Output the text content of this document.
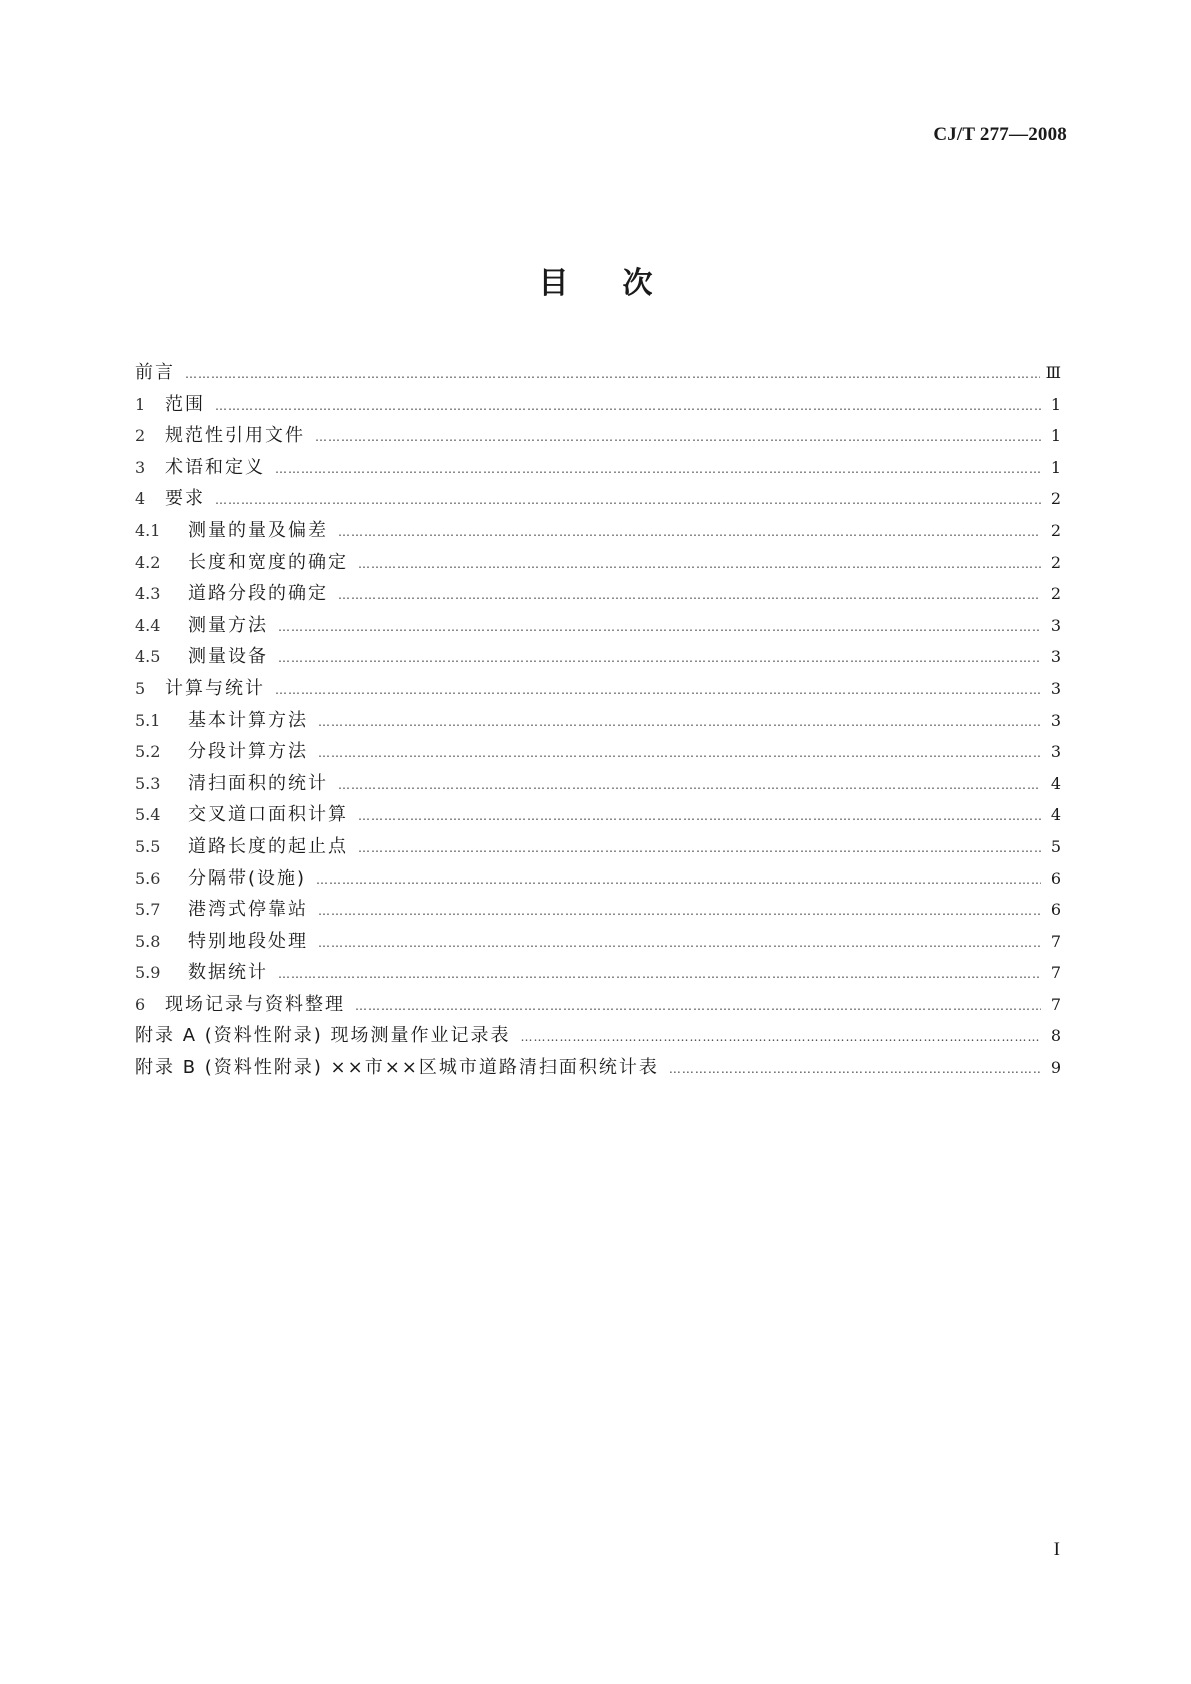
CJ/T 277—2008
目次
前言 …………………………………………………………………………………………………………………………………………………………………………………………………………………………………………………………………………………………………	Ⅲ
1	范围 …………………………………………………………………………………………………………………………………………………………………………………………………………………………………………………………………………………………………	1
2	规范性引用文件 …………………………………………………………………………………………………………………………………………………………………………………………………………………………………………………………………………………………………	1
3	术语和定义 …………………………………………………………………………………………………………………………………………………………………………………………………………………………………………………………………………………………………	1
4	要求 …………………………………………………………………………………………………………………………………………………………………………………………………………………………………………………………………………………………………	2
4.1	测量的量及偏差 …………………………………………………………………………………………………………………………………………………………………………………………………………………………………………………………………………………………………	2
4.2	长度和宽度的确定 …………………………………………………………………………………………………………………………………………………………………………………………………………………………………………………………………………………………………	2
4.3	道路分段的确定 …………………………………………………………………………………………………………………………………………………………………………………………………………………………………………………………………………………………………	2
4.4	测量方法 …………………………………………………………………………………………………………………………………………………………………………………………………………………………………………………………………………………………………	3
4.5	测量设备 …………………………………………………………………………………………………………………………………………………………………………………………………………………………………………………………………………………………………	3
5	计算与统计 …………………………………………………………………………………………………………………………………………………………………………………………………………………………………………………………………………………………………	3
5.1	基本计算方法 …………………………………………………………………………………………………………………………………………………………………………………………………………………………………………………………………………………………………	3
5.2	分段计算方法 …………………………………………………………………………………………………………………………………………………………………………………………………………………………………………………………………………………………………	3
5.3	清扫面积的统计 …………………………………………………………………………………………………………………………………………………………………………………………………………………………………………………………………………………………………	4
5.4	交叉道口面积计算 …………………………………………………………………………………………………………………………………………………………………………………………………………………………………………………………………………………………………	4
5.5	道路长度的起止点 …………………………………………………………………………………………………………………………………………………………………………………………………………………………………………………………………………………………………	5
5.6	分隔带(设施) …………………………………………………………………………………………………………………………………………………………………………………………………………………………………………………………………………………………………	6
5.7	港湾式停靠站 …………………………………………………………………………………………………………………………………………………………………………………………………………………………………………………………………………………………………	6
5.8	特别地段处理 …………………………………………………………………………………………………………………………………………………………………………………………………………………………………………………………………………………………………	7
5.9	数据统计 …………………………………………………………………………………………………………………………………………………………………………………………………………………………………………………………………………………………………	7
6	现场记录与资料整理 …………………………………………………………………………………………………………………………………………………………………………………………………………………………………………………………………………………………………	7
附录 A (资料性附录) 现场测量作业记录表 …………………………………………………………………………………………………………………………………………………………………………………………………………………………………………………………………………………………………	8
附录 B (资料性附录) ××市××区城市道路清扫面积统计表 …………………………………………………………………………………………………………………………………………………………………………………………………………………………………………………………………………………………………	9
I
